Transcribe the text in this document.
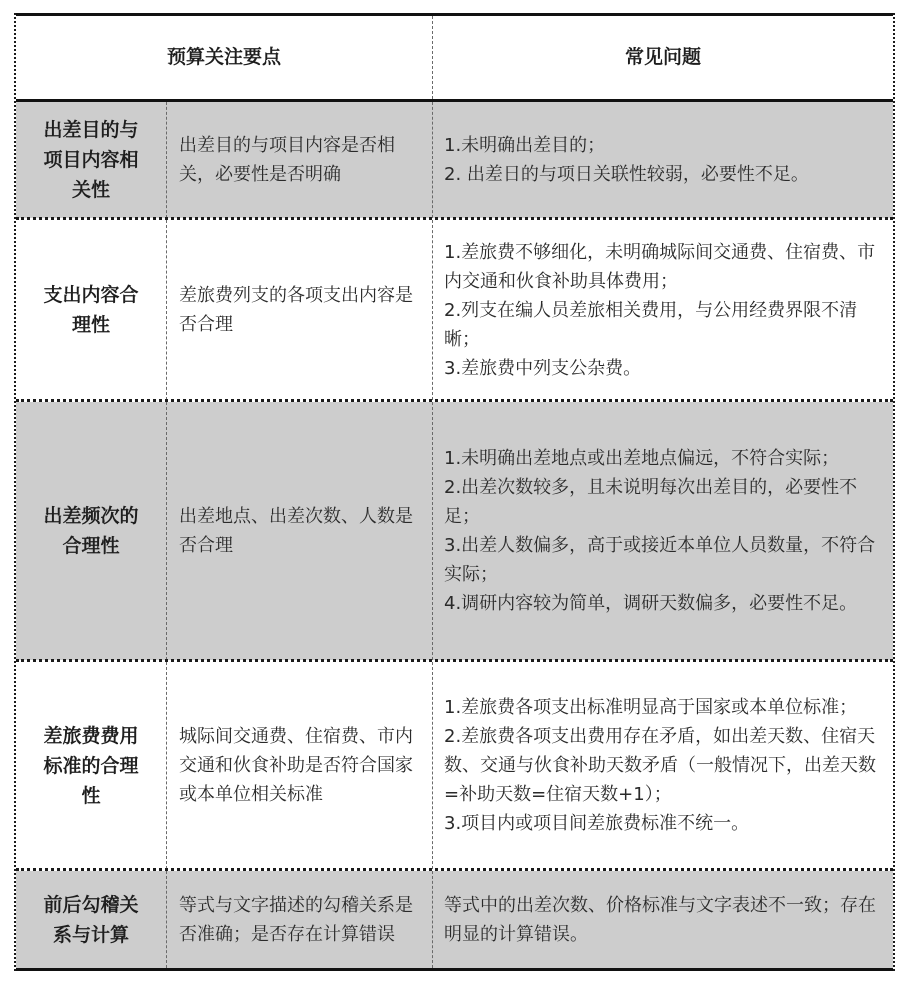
预算关注要点	常见问题
出差目的与项目内容相关性
出差目的与项目内容是否相关，必要性是否明确
1.未明确出差目的；
2. 出差日的与项日关联性较弱，必要性不足。
支出内容合理性
差旅费列支的各项支出内容是否合理
1.差旅费不够细化，未明确城际间交通费、住宿费、市内交通和伙食补助具体费用；
2.列支在编人员差旅相关费用，与公用经费界限不清晰；
3.差旅费中列支公杂费。
出差频次的合理性
出差地点、出差次数、人数是否合理
1.未明确出差地点或出差地点偏远，不符合实际；
2.出差次数较多，且未说明每次出差目的，必要性不足；
3.出差人数偏多，高于或接近本单位人员数量，不符合实际；
4.调研内容较为简单，调研天数偏多，必要性不足。
差旅费费用标准的合理性
城际间交通费、住宿费、市内交通和伙食补助是否符合国家或本单位相关标准
1.差旅费各项支出标准明显高于国家或本单位标准；
2.差旅费各项支出费用存在矛盾，如出差天数、住宿天数、交通与伙食补助天数矛盾（一般情况下，出差天数=补助天数=住宿天数+1）；
3.项目内或项目间差旅费标准不统一。
前后勾稽关系与计算
等式与文字描述的勾稽关系是否准确；是否存在计算错误
等式中的出差次数、价格标准与文字表述不一致；存在明显的计算错误。
